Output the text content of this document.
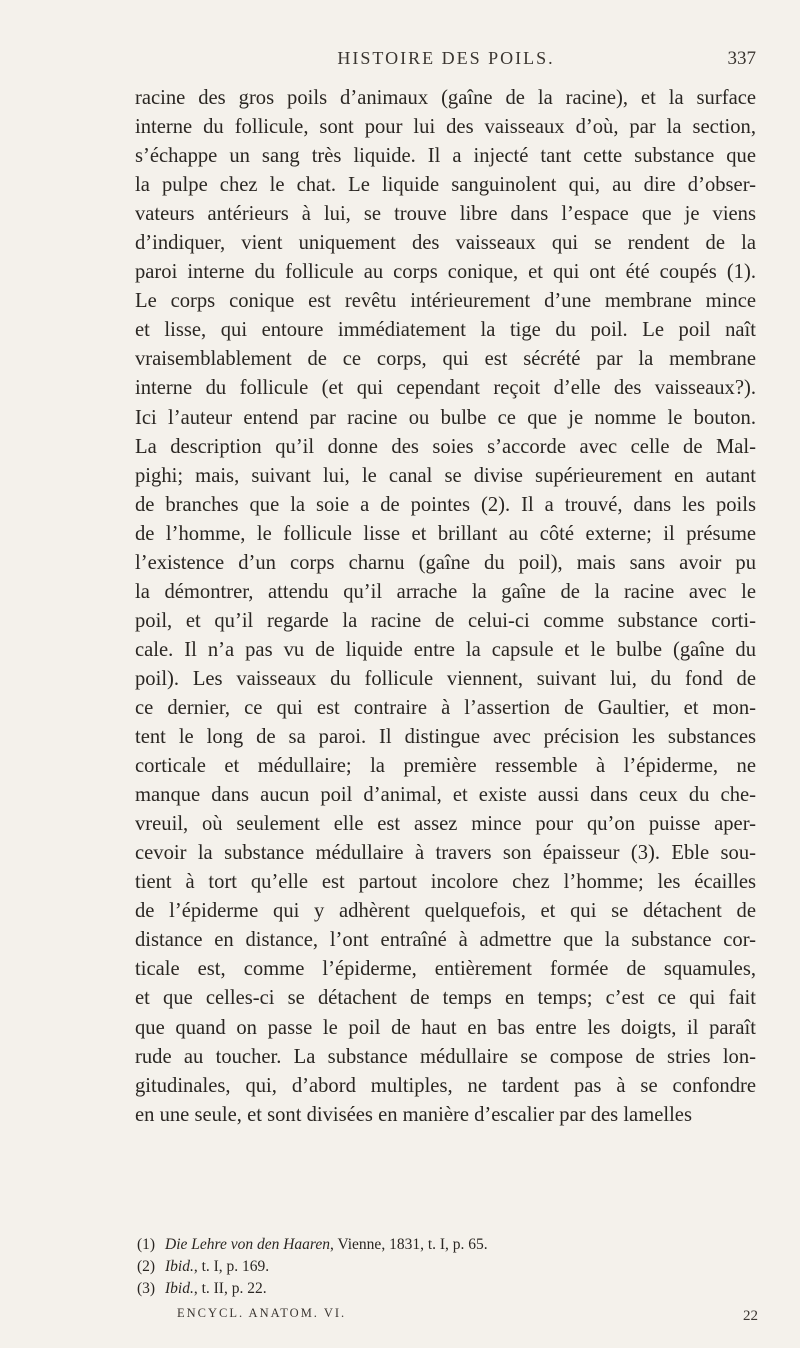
HISTOIRE DES POILS.	337
racine des gros poils d’animaux (gaîne de la racine), et la surface
interne du follicule, sont pour lui des vaisseaux d’où, par la section,
s’échappe un sang très liquide. Il a injecté tant cette substance que
la pulpe chez le chat. Le liquide sanguinolent qui, au dire d’obser-
vateurs antérieurs à lui, se trouve libre dans l’espace que je viens
d’indiquer, vient uniquement des vaisseaux qui se rendent de la
paroi interne du follicule au corps conique, et qui ont été coupés (1).
Le corps conique est revêtu intérieurement d’une membrane mince
et lisse, qui entoure immédiatement la tige du poil. Le poil naît
vraisemblablement de ce corps, qui est sécrété par la membrane
interne du follicule (et qui cependant reçoit d’elle des vaisseaux?).
Ici l’auteur entend par racine ou bulbe ce que je nomme le bouton.
La description qu’il donne des soies s’accorde avec celle de Mal-
pighi; mais, suivant lui, le canal se divise supérieurement en autant
de branches que la soie a de pointes (2). Il a trouvé, dans les poils
de l’homme, le follicule lisse et brillant au côté externe; il présume
l’existence d’un corps charnu (gaîne du poil), mais sans avoir pu
la démontrer, attendu qu’il arrache la gaîne de la racine avec le
poil, et qu’il regarde la racine de celui-ci comme substance corti-
cale. Il n’a pas vu de liquide entre la capsule et le bulbe (gaîne du
poil). Les vaisseaux du follicule viennent, suivant lui, du fond de
ce dernier, ce qui est contraire à l’assertion de Gaultier, et mon-
tent le long de sa paroi. Il distingue avec précision les substances
corticale et médullaire; la première ressemble à l’épiderme, ne
manque dans aucun poil d’animal, et existe aussi dans ceux du che-
vreuil, où seulement elle est assez mince pour qu’on puisse aper-
cevoir la substance médullaire à travers son épaisseur (3). Eble sou-
tient à tort qu’elle est partout incolore chez l’homme; les écailles
de l’épiderme qui y adhèrent quelquefois, et qui se détachent de
distance en distance, l’ont entraîné à admettre que la substance cor-
ticale est, comme l’épiderme, entièrement formée de squamules,
et que celles-ci se détachent de temps en temps; c’est ce qui fait
que quand on passe le poil de haut en bas entre les doigts, il paraît
rude au toucher. La substance médullaire se compose de stries lon-
gitudinales, qui, d’abord multiples, ne tardent pas à se confondre
en une seule, et sont divisées en manière d’escalier par des lamelles
(1) Die Lehre von den Haaren, Vienne, 1831, t. I, p. 65.
(2) Ibid., t. I, p. 169.
(3) Ibid., t. II, p. 22.
ENCYCL. ANATOM. VI.	22
